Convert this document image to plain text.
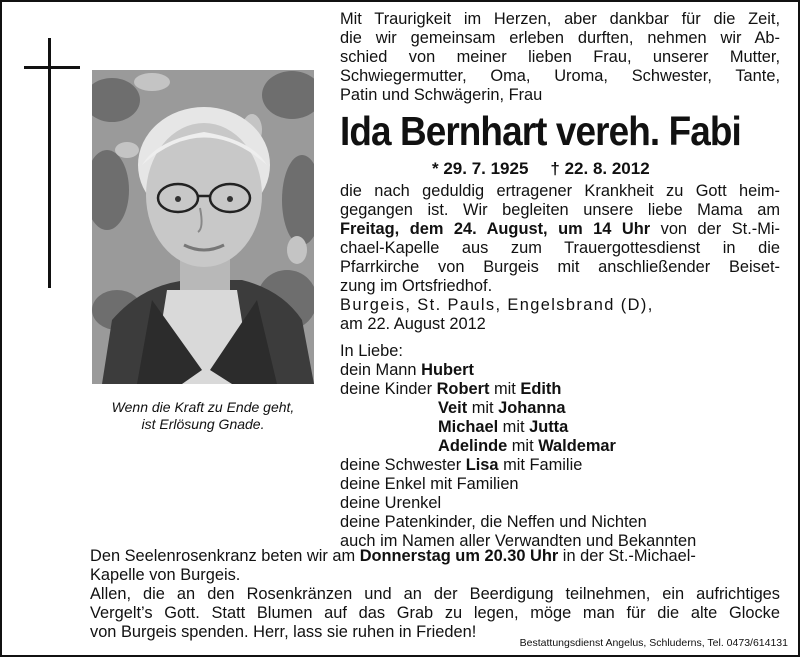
Wenn die Kraft zu Ende geht,
ist Erlösung Gnade.
Mit Traurigkeit im Herzen, aber dankbar für die Zeit,
die wir gemeinsam erleben durften, nehmen wir Ab-
schied von meiner lieben Frau, unserer Mutter,
Schwiegermutter, Oma, Uroma, Schwester, Tante,
Patin und Schwägerin, Frau
Ida Bernhart vereh. Fabi
* 29. 7. 1925 † 22. 8. 2012
die nach geduldig ertragener Krankheit zu Gott heim-
gegangen ist. Wir begleiten unsere liebe Mama am
Freitag, dem 24. August, um 14 Uhr von der St.-Mi-
chael-Kapelle aus zum Trauergottesdienst in die
Pfarrkirche von Burgeis mit anschließender Beiset-
zung im Ortsfriedhof.
Burgeis, St. Pauls, Engelsbrand (D),
am 22. August 2012
In Liebe:
dein Mann Hubert
deine Kinder Robert mit Edith
Veit mit Johanna
Michael mit Jutta
Adelinde mit Waldemar
deine Schwester Lisa mit Familie
deine Enkel mit Familien
deine Urenkel
deine Patenkinder, die Neffen und Nichten
auch im Namen aller Verwandten und Bekannten
Den Seelenrosenkranz beten wir am Donnerstag um 20.30 Uhr in der St.-Michael-
Kapelle von Burgeis.
Allen, die an den Rosenkränzen und an der Beerdigung teilnehmen, ein aufrichtiges
Vergelt’s Gott. Statt Blumen auf das Grab zu legen, möge man für die alte Glocke
von Burgeis spenden. Herr, lass sie ruhen in Frieden!
Bestattungsdienst Angelus, Schluderns, Tel. 0473/614131
